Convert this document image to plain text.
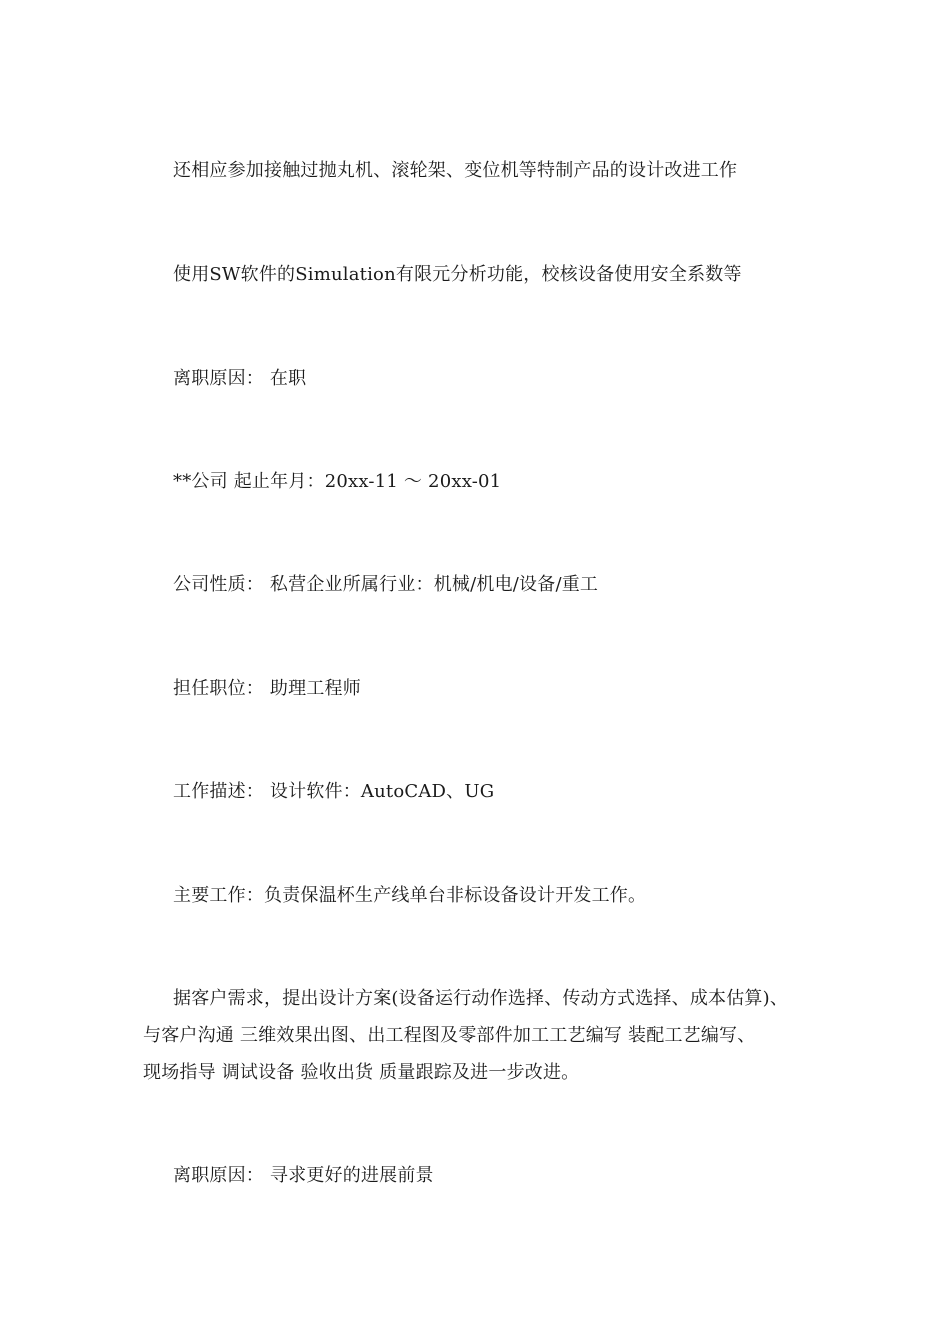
还相应参加接触过抛丸机、滚轮架、变位机等特制产品的设计改进工作
使用SW软件的Simulation有限元分析功能，校核设备使用安全系数等
离职原因： 在职
**公司 起止年月：20xx-11 ～ 20xx-01
公司性质： 私营企业所属行业：机械/机电/设备/重工
担任职位： 助理工程师
工作描述： 设计软件：AutoCAD、UG
主要工作：负责保温杯生产线单台非标设备设计开发工作。
据客户需求，提出设计方案(设备运行动作选择、传动方式选择、成本估算)、
与客户沟通 三维效果出图、出工程图及零部件加工工艺编写 装配工艺编写、
现场指导 调试设备 验收出货 质量跟踪及进一步改进。
离职原因： 寻求更好的进展前景
